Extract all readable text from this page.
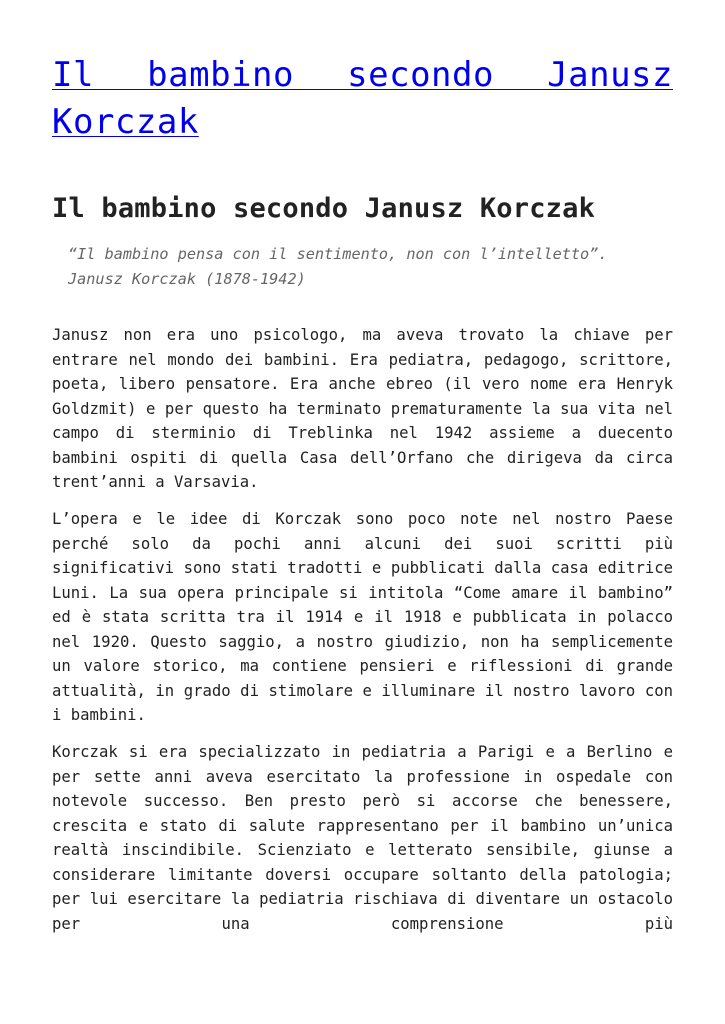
Il bambino secondo Janusz Korczak
Il bambino secondo Janusz Korczak

“Il bambino pensa con il sentimento, non con l’intelletto”.

Janusz Korczak (1878-1942)

Janusz non era uno psicologo, ma aveva trovato la chiave per entrare nel mondo dei bambini. Era pediatra, pedagogo, scrittore, poeta, libero pensatore. Era anche ebreo (il vero nome era Henryk Goldzmit) e per questo ha terminato prematuramente la sua vita nel campo di sterminio di Treblinka nel 1942 assieme a duecento bambini ospiti di quella Casa dell’Orfano che dirigeva da circa trent’anni a Varsavia.

L’opera e le idee di Korczak sono poco note nel nostro Paese perché solo da pochi anni alcuni dei suoi scritti più significativi sono stati tradotti e pubblicati dalla casa editrice Luni. La sua opera principale si intitola “Come amare il bambino” ed è stata scritta tra il 1914 e il 1918 e pubblicata in polacco nel 1920. Questo saggio, a nostro giudizio, non ha semplicemente un valore storico, ma contiene pensieri e riflessioni di grande attualità, in grado di stimolare e illuminare il nostro lavoro con i bambini.

Korczak si era specializzato in pediatria a Parigi e a Berlino e per sette anni aveva esercitato la professione in ospedale con notevole successo. Ben presto però si accorse che benessere, crescita e stato di salute rappresentano per il bambino un’unica realtà inscindibile. Scienziato e letterato sensibile, giunse a considerare limitante doversi occupare soltanto della patologia; per lui esercitare la pediatria rischiava di diventare un ostacolo per una comprensione più
